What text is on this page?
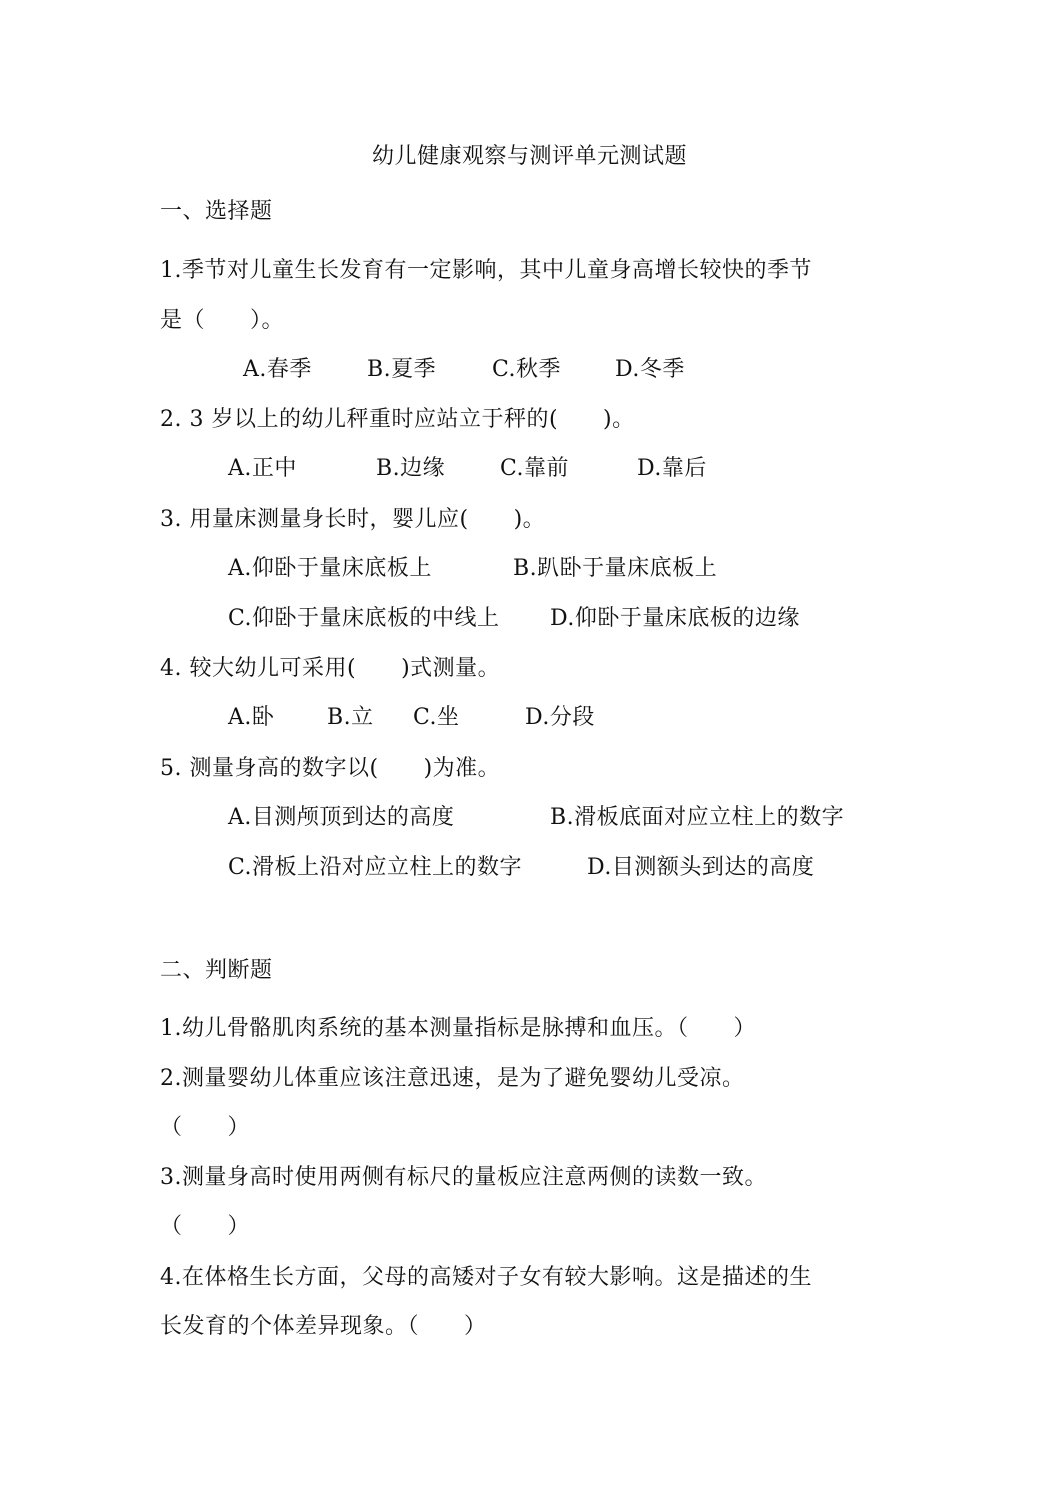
幼儿健康观察与测评单元测试题
一、选择题
1.季节对儿童生长发育有一定影响，其中儿童身高增长较快的季节
是（　　）。
A.春季	B.夏季	C.秋季 D.冬季
2. 3 岁以上的幼儿秤重时应站立于秤的(　　)。
A.正中	B.边缘 C.靠前	D.靠后
3. 用量床测量身长时，婴儿应(　　)。
A.仰卧于量床底板上	B.趴卧于量床底板上
C.仰卧于量床底板的中线上 D.仰卧于量床底板的边缘
4. 较大幼儿可采用(　　)式测量。
A.卧 B.立 C.坐	D.分段
5. 测量身高的数字以(　　)为准。
A.目测颅顶到达的高度	B.滑板底面对应立柱上的数字
C.滑板上沿对应立柱上的数字	D.目测额头到达的高度
二、判断题
1.幼儿骨骼肌肉系统的基本测量指标是脉搏和血压。（　　）
2.测量婴幼儿体重应该注意迅速，是为了避免婴幼儿受凉。
（　　）
3.测量身高时使用两侧有标尺的量板应注意两侧的读数一致。
（　　）
4.在体格生长方面，父母的高矮对子女有较大影响。这是描述的生
长发育的个体差异现象。（　　）
